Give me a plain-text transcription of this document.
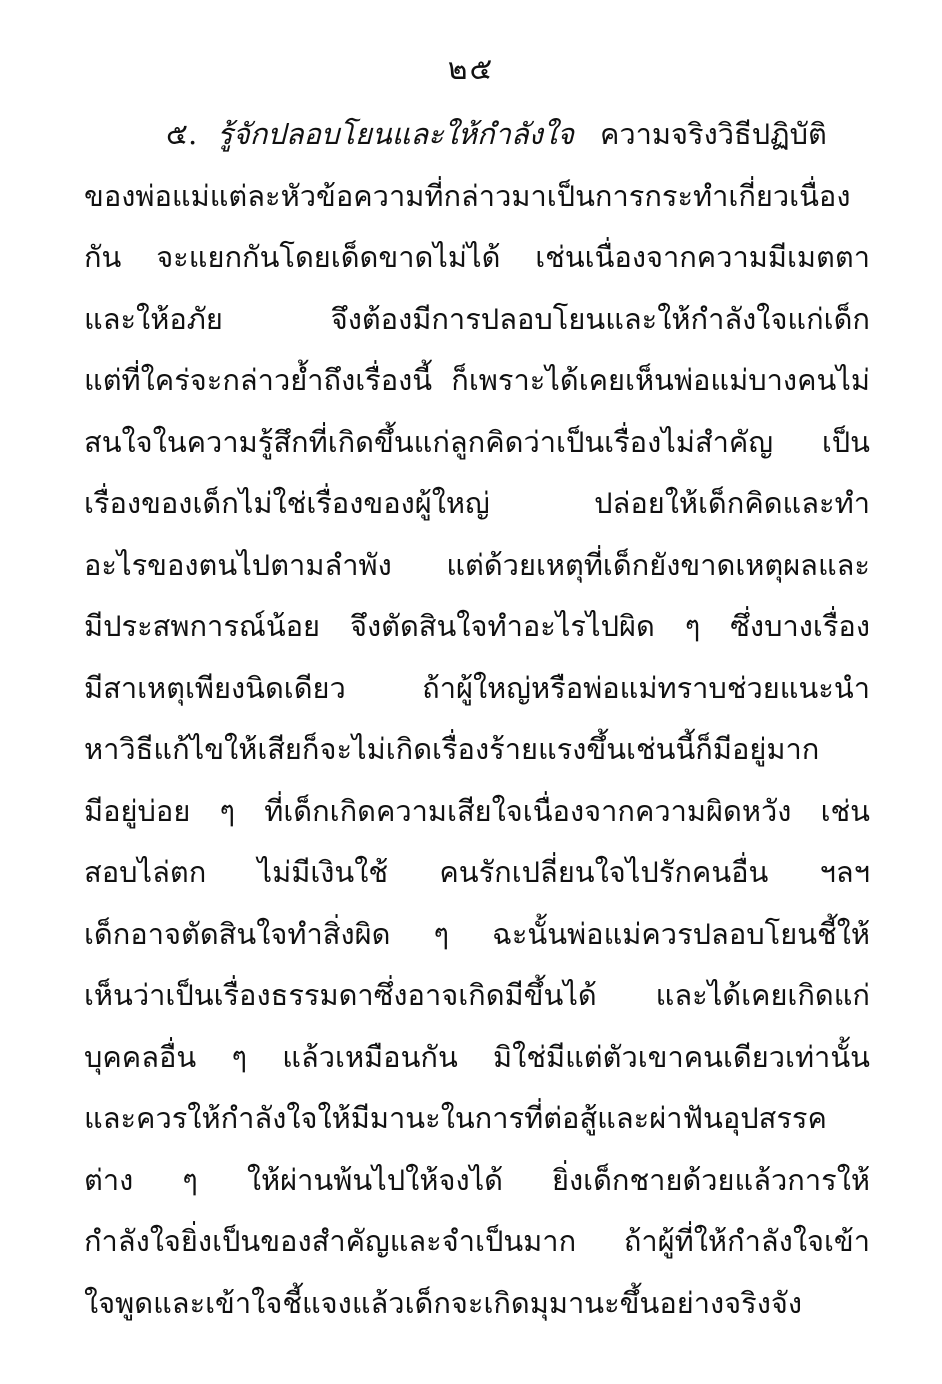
๒๕
๕. รู้จักปลอบโยนและให้กำลังใจ ความจริงวิธีปฏิบัติ
ของพ่อแม่แต่ละหัวข้อความที่กล่าวมาเป็นการกระทำเกี่ยวเนื่อง
กัน จะแยกกันโดยเด็ดขาดไม่ได้ เช่นเนื่องจากความมีเมตตา
และให้อภัย จึงต้องมีการปลอบโยนและให้กำลังใจแก่เด็ก
แต่ที่ใคร่จะกล่าวย้ำถึงเรื่องนี้ ก็เพราะได้เคยเห็นพ่อแม่บางคนไม่
สนใจในความรู้สึกที่เกิดขึ้นแก่ลูกคิดว่าเป็นเรื่องไม่สำคัญ เป็น
เรื่องของเด็กไม่ใช่เรื่องของผู้ใหญ่ ปล่อยให้เด็กคิดและทำ
อะไรของตนไปตามลำพัง แต่ด้วยเหตุที่เด็กยังขาดเหตุผลและ
มีประสพการณ์น้อย จึงตัดสินใจทำอะไรไปผิด ๆ ซึ่งบางเรื่อง
มีสาเหตุเพียงนิดเดียว ถ้าผู้ใหญ่หรือพ่อแม่ทราบช่วยแนะนำ
หาวิธีแก้ไขให้เสียก็จะไม่เกิดเรื่องร้ายแรงขึ้นเช่นนี้ก็มีอยู่มาก
มีอยู่บ่อย ๆ ที่เด็กเกิดความเสียใจเนื่องจากความผิดหวัง เช่น
สอบไล่ตก ไม่มีเงินใช้ คนรักเปลี่ยนใจไปรักคนอื่น ฯลฯ
เด็กอาจตัดสินใจทำสิ่งผิด ๆ ฉะนั้นพ่อแม่ควรปลอบโยนชี้ให้
เห็นว่าเป็นเรื่องธรรมดาซึ่งอาจเกิดมีขึ้นได้ และได้เคยเกิดแก่
บุคคลอื่น ๆ แล้วเหมือนกัน มิใช่มีแต่ตัวเขาคนเดียวเท่านั้น
และควรให้กำลังใจให้มีมานะในการที่ต่อสู้และผ่าฟันอุปสรรค
ต่าง ๆ ให้ผ่านพ้นไปให้จงได้ ยิ่งเด็กชายด้วยแล้วการให้
กำลังใจยิ่งเป็นของสำคัญและจำเป็นมาก ถ้าผู้ที่ให้กำลังใจเข้า
ใจพูดและเข้าใจชี้แจงแล้วเด็กจะเกิดมุมานะขึ้นอย่างจริงจัง
